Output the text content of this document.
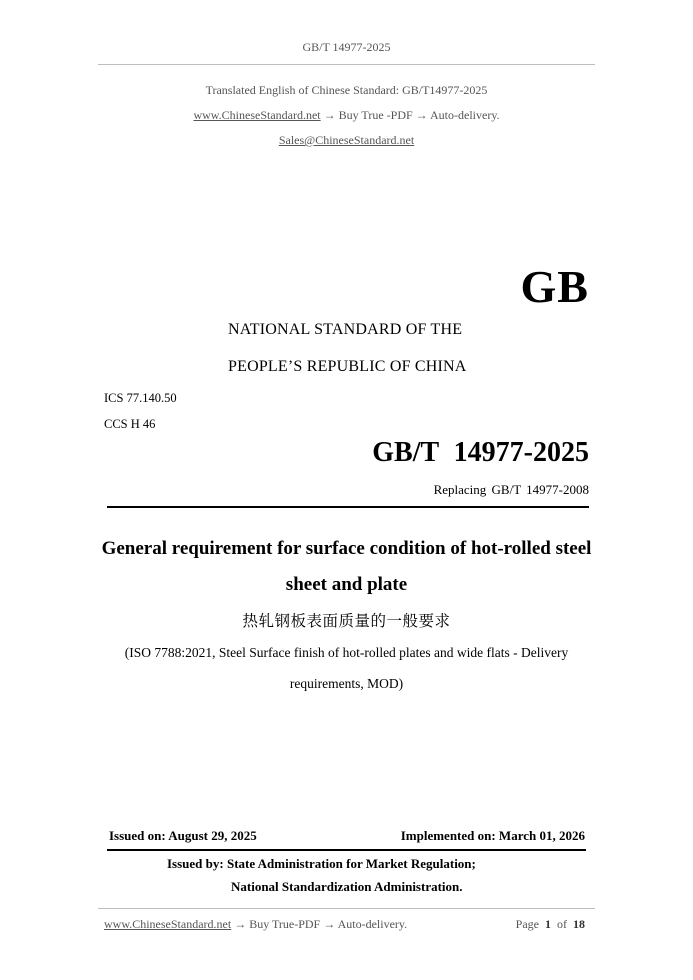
GB/T 14977-2025
Translated English of Chinese Standard: GB/T14977-2025
www.ChineseStandard.net → Buy True -PDF → Auto-delivery.
Sales@ChineseStandard.net
GB
NATIONAL STANDARD OF THE
PEOPLE’S REPUBLIC OF CHINA
ICS 77.140.50
CCS H 46
GB/T 14977-2025
Replacing GB/T 14977-2008
General requirement for surface condition of hot-rolled steel
sheet and plate
热轧钢板表面质量的一般要求
(ISO 7788:2021, Steel Surface finish of hot-rolled plates and wide flats - Delivery
requirements, MOD)
Issued on: August 29, 2025	Implemented on: March 01, 2026
Issued by: State Administration for Market Regulation;
National Standardization Administration.
www.ChineseStandard.net → Buy True-PDF → Auto-delivery.	Page 1 of 18
